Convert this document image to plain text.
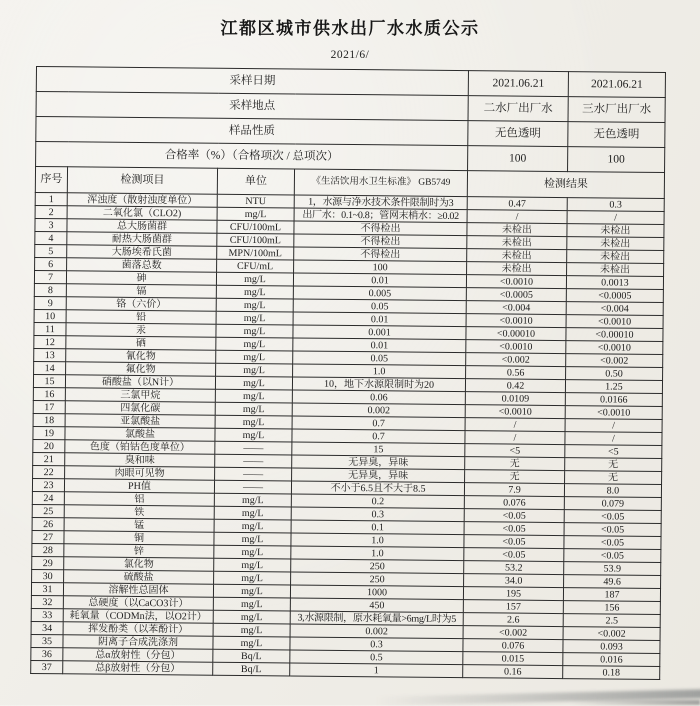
江都区城市供水出厂水水质公示
2021/6/
采样日期				2021.06.21	2021.06.21
采样地点				二水厂出厂水	三水厂出厂水
样品性质				无色透明	无色透明
合格率（%）（合格项次 / 总项次）				100	100
序号	检测项目	单位	《生活饮用水卫生标准》 GB5749	检测结果	
1	浑浊度（散射浊度单位）	NTU	1，水源与净水技术条件限制时为3	0.47	0.3
2	二氧化氯（CLO2)	mg/L	出厂水：0.1~0.8；管网末梢水：≥0.02	/	/
3	总大肠菌群	CFU/100mL	不得检出	未检出	未检出
4	耐热大肠菌群	CFU/100mL	不得检出	未检出	未检出
5	大肠埃希氏菌	MPN/100mL	不得检出	未检出	未检出
6	菌落总数	CFU/mL	100	未检出	未检出
7	砷	mg/L	0.01	<0.0010	0.0013
8	镉	mg/L	0.005	<0.0005	<0.0005
9	铬（六价）	mg/L	0.05	<0.004	<0.004
10	铅	mg/L	0.01	<0.0010	<0.0010
11	汞	mg/L	0.001	<0.00010	<0.00010
12	硒	mg/L	0.01	<0.0010	<0.0010
13	氰化物	mg/L	0.05	<0.002	<0.002
14	氟化物	mg/L	1.0	0.56	0.50
15	硝酸盐（以N计）	mg/L	10，地下水源限制时为20	0.42	1.25
16	三氯甲烷	mg/L	0.06	0.0109	0.0166
17	四氯化碳	mg/L	0.002	<0.0010	<0.0010
18	亚氯酸盐	mg/L	0.7	/	/
19	氯酸盐	mg/L	0.7	/	/
20	色度（铂钴色度单位）	——	15	<5	<5
21	臭和味	——	无异臭，异味	无	无
22	肉眼可见物	——	无异臭，异味	无	无
23	PH值	——	不小于6.5且不大于8.5	7.9	8.0
24	铝	mg/L	0.2	0.076	0.079
25	铁	mg/L	0.3	<0.05	<0.05
26	锰	mg/L	0.1	<0.05	<0.05
27	铜	mg/L	1.0	<0.05	<0.05
28	锌	mg/L	1.0	<0.05	<0.05
29	氯化物	mg/L	250	53.2	53.9
30	硫酸盐	mg/L	250	34.0	49.6
31	溶解性总固体	mg/L	1000	195	187
32	总硬度（以CaCO3计）	mg/L	450	157	156
33	耗氧量（CODMn法，以O2计）	mg/L	3,水源限制，原水耗氧量>6mg/L时为5	2.6	2.5
34	挥发酚类（以苯酚计）	mg/L	0.002	<0.002	<0.002
35	阴离子合成洗涤剂	mg/L	0.3	0.076	0.093
36	总α放射性（分包）	Bq/L	0.5	0.015	0.016
37	总β放射性（分包）	Bq/L	1	0.16	0.18
